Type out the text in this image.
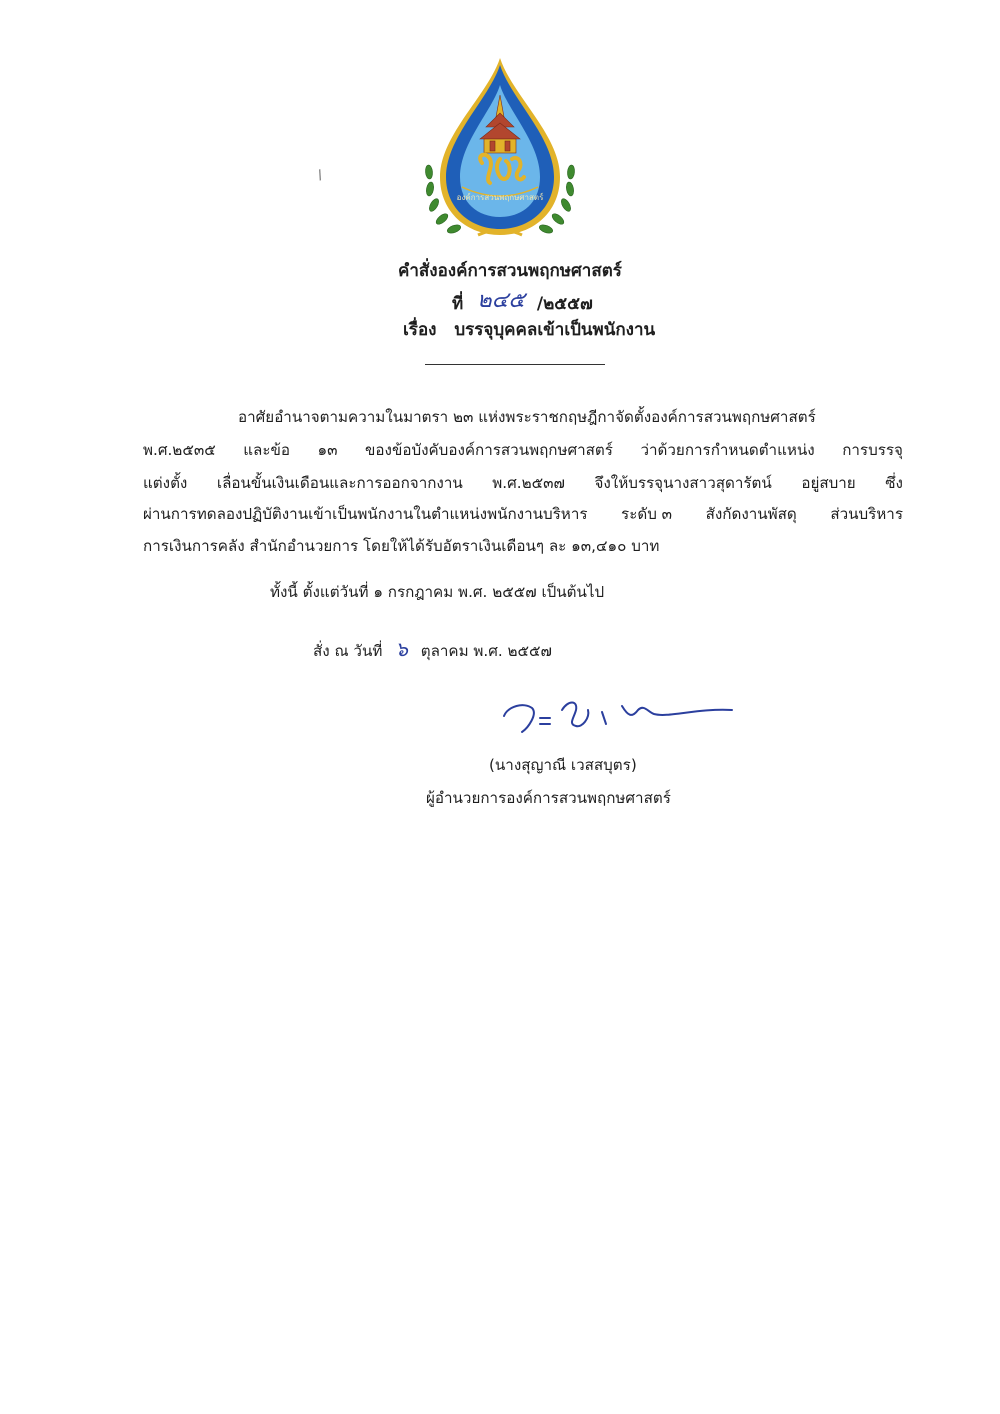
องค์การสวนพฤกษศาสตร์
/
คำสั่งองค์การสวนพฤกษศาสตร์
ที่ ๒๔๕ /๒๕๕๗
เรื่อง บรรจุบุคคลเข้าเป็นพนักงาน
อาศัยอำนาจตามความในมาตรา ๒๓ แห่งพระราชกฤษฎีกาจัดตั้งองค์การสวนพฤกษศาสตร์
พ.ศ.๒๕๓๕ และข้อ ๑๓ ของข้อบังคับองค์การสวนพฤกษศาสตร์ ว่าด้วยการกำหนดตำแหน่ง การบรรจุ
แต่งตั้ง เลื่อนขั้นเงินเดือนและการออกจากงาน พ.ศ.๒๕๓๗ จึงให้บรรจุนางสาวสุดารัตน์ อยู่สบาย ซึ่ง
ผ่านการทดลองปฏิบัติงานเข้าเป็นพนักงานในตำแหน่งพนักงานบริหาร ระดับ ๓ สังกัดงานพัสดุ ส่วนบริหาร
การเงินการคลัง สำนักอำนวยการ โดยให้ได้รับอัตราเงินเดือนๆ ละ ๑๓,๔๑๐ บาท
ทั้งนี้ ตั้งแต่วันที่ ๑ กรกฎาคม พ.ศ. ๒๕๕๗ เป็นต้นไป
สั่ง ณ วันที่ ๖ ตุลาคม พ.ศ. ๒๕๕๗
(นางสุญาณี เวสสบุตร)
ผู้อำนวยการองค์การสวนพฤกษศาสตร์
